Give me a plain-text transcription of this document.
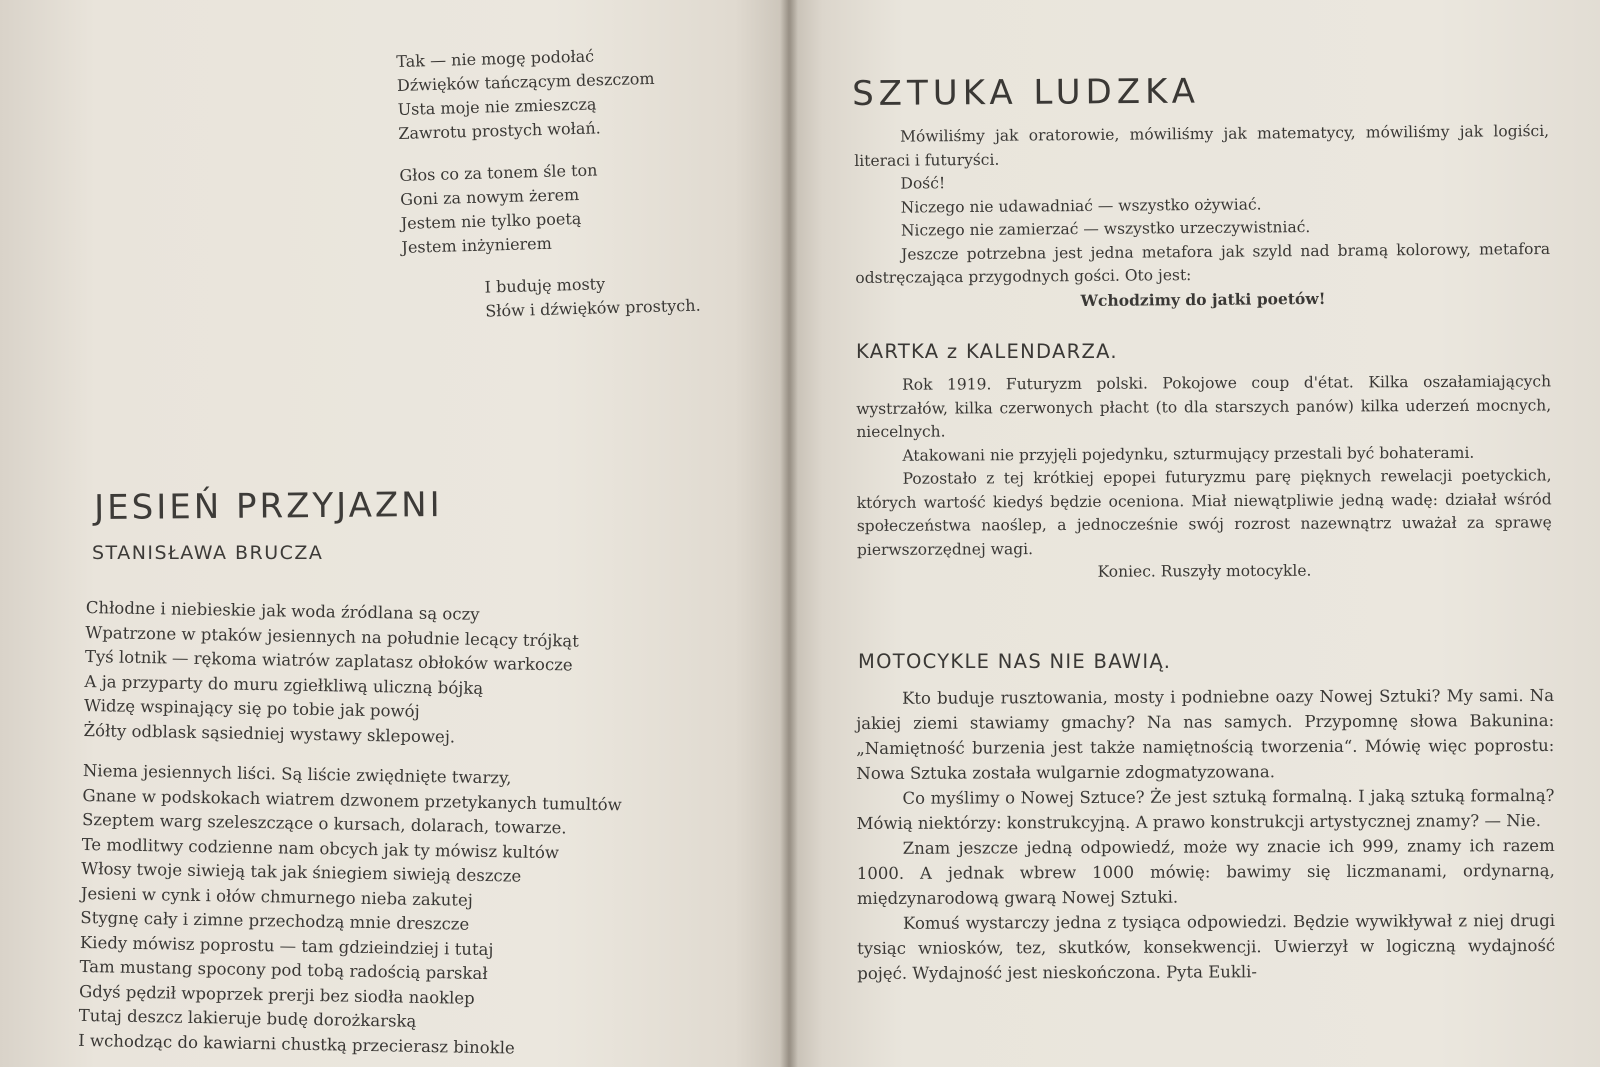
Tak — nie mogę podołać
Dźwięków tańczącym deszczom
Usta moje nie zmieszczą
Zawrotu prostych wołań.
Głos co za tonem śle ton
Goni za nowym żerem
Jestem nie tylko poetą
Jestem inżynierem
I buduję mosty
Słów i dźwięków prostych.
JESIEŃ PRZYJAZNI
STANISŁAWA BRUCZA
Chłodne i niebieskie jak woda źródlana są oczy
Wpatrzone w ptaków jesiennych na południe lecący trójkąt
Tyś lotnik — rękoma wiatrów zaplatasz obłoków warkocze
A ja przyparty do muru zgiełkliwą uliczną bójką
Widzę wspinający się po tobie jak powój
Żółty odblask sąsiedniej wystawy sklepowej.
Niema jesiennych liści. Są liście zwiędnięte twarzy,
Gnane w podskokach wiatrem dzwonem przetykanych tumultów
Szeptem warg szeleszczące o kursach, dolarach, towarze.
Te modlitwy codzienne nam obcych jak ty mówisz kultów
Włosy twoje siwieją tak jak śniegiem siwieją deszcze
Jesieni w cynk i ołów chmurnego nieba zakutej
Stygnę cały i zimne przechodzą mnie dreszcze
Kiedy mówisz poprostu — tam gdzieindziej i tutaj
Tam mustang spocony pod tobą radością parskał
Gdyś pędził wpoprzek prerji bez siodła naoklep
Tutaj deszcz lakieruje budę dorożkarską
I wchodząc do kawiarni chustką przecierasz binokle
SZTUKA LUDZKA

Mówiliśmy jak oratorowie, mówiliśmy jak matematycy, mówiliśmy jak logiści, literaci i futuryści.

Dość!

Niczego nie udawadniać — wszystko ożywiać.

Niczego nie zamierzać — wszystko urzeczywistniać.

Jeszcze potrzebna jest jedna metafora jak szyld nad bramą kolorowy, metafora odstręczająca przygodnych gości. Oto jest:

Wchodzimy do jatki poetów!

KARTKA z KALENDARZA.

Rok 1919. Futuryzm polski. Pokojowe coup d'état. Kilka oszałamiających wystrzałów, kilka czerwonych płacht (to dla starszych panów) kilka uderzeń mocnych, niecelnych.

Atakowani nie przyjęli pojedynku, szturmujący przestali być bohaterami.

Pozostało z tej krótkiej epopei futuryzmu parę pięknych rewelacji poetyckich, których wartość kiedyś będzie oceniona. Miał niewątpliwie jedną wadę: działał wśród społeczeństwa naoślep, a jednocześnie swój rozrost nazewnątrz uważał za sprawę pierwszorzędnej wagi.

Koniec. Ruszyły motocykle.

MOTOCYKLE NAS NIE BAWIĄ.

Kto buduje rusztowania, mosty i podniebne oazy Nowej Sztuki? My sami. Na jakiej ziemi stawiamy gmachy? Na nas samych. Przypomnę słowa Bakunina: „Namiętność burzenia jest także namiętnością tworzenia“. Mówię więc poprostu: Nowa Sztuka została wulgarnie zdogmatyzowana.

Co myślimy o Nowej Sztuce? Że jest sztuką formalną. I jaką sztuką formalną? Mówią niektórzy: konstrukcyjną. A prawo konstrukcji artystycznej znamy? — Nie.

Znam jeszcze jedną odpowiedź, może wy znacie ich 999, znamy ich razem 1000. A jednak wbrew 1000 mówię: bawimy się liczmanami, ordynarną, międzynarodową gwarą Nowej Sztuki.

Komuś wystarczy jedna z tysiąca odpowiedzi. Będzie wywikływał z niej drugi tysiąc wniosków, tez, skutków, konsekwencji. Uwierzył w logiczną wydajność pojęć. Wydajność jest nieskończona. Pyta Eukli-
